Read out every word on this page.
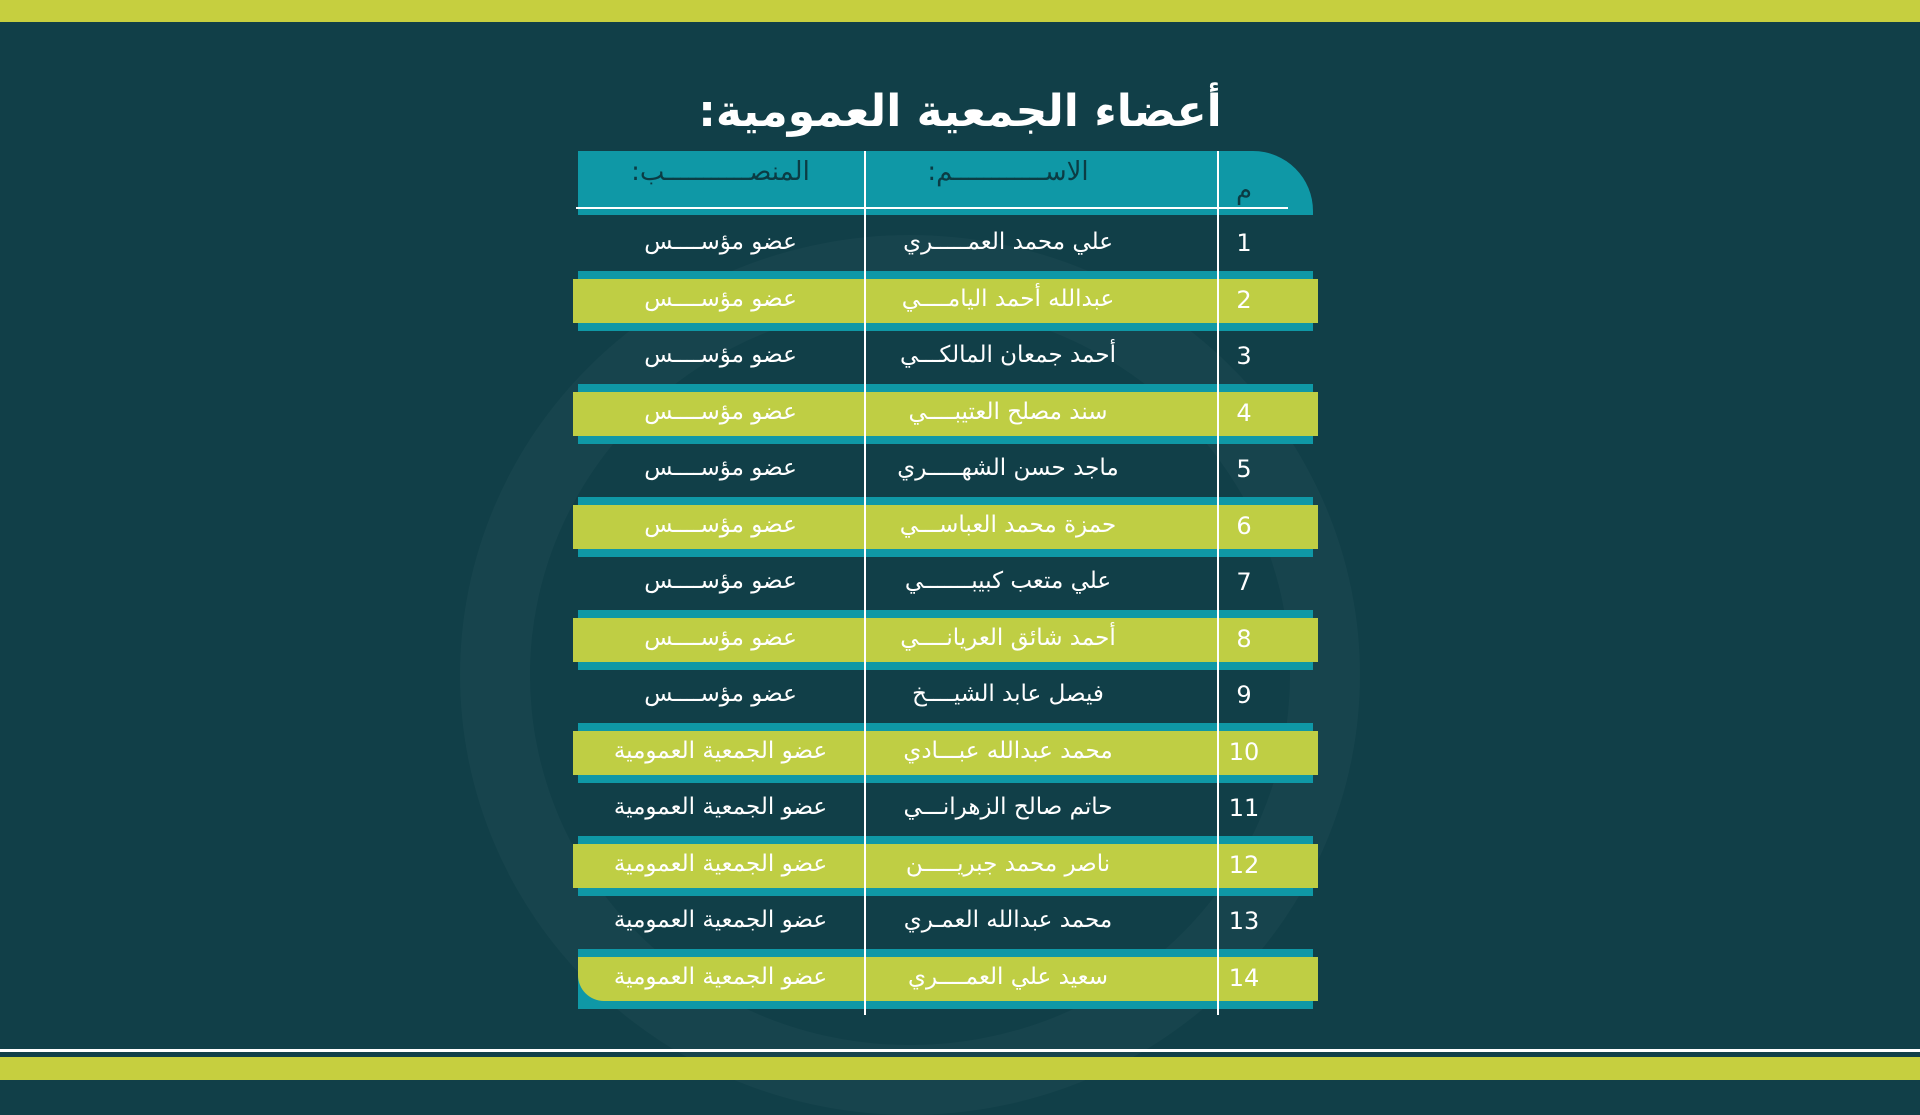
أعضاء الجمعية العمومية:
م
الاســــــــــــم:
المنصـــــــــــب:
1
علي محمد العمـــــري
عضو مؤســــس
2
عبدالله أحمد اليامــــي
عضو مؤســــس
3
أحمد جمعان المالكـــي
عضو مؤســــس
4
سند مصلح العتيبــــي
عضو مؤســــس
5
ماجد حسن الشهـــــري
عضو مؤســــس
6
حمزة محمد العباســـي
عضو مؤســــس
7
علي متعب كبيبـــــــي
عضو مؤســــس
8
أحمد شائق العريانــــي
عضو مؤســــس
9
فيصل عابد الشيــــخ
عضو مؤســــس
10
محمد عبدالله عبـــادي
عضو الجمعية العمومية
11
حاتم صالح الزهرانـــي
عضو الجمعية العمومية
12
ناصر محمد جبريـــــن
عضو الجمعية العمومية
13
محمد عبدالله العمـري
عضو الجمعية العمومية
14
سعيد علي العمــــري
عضو الجمعية العمومية
